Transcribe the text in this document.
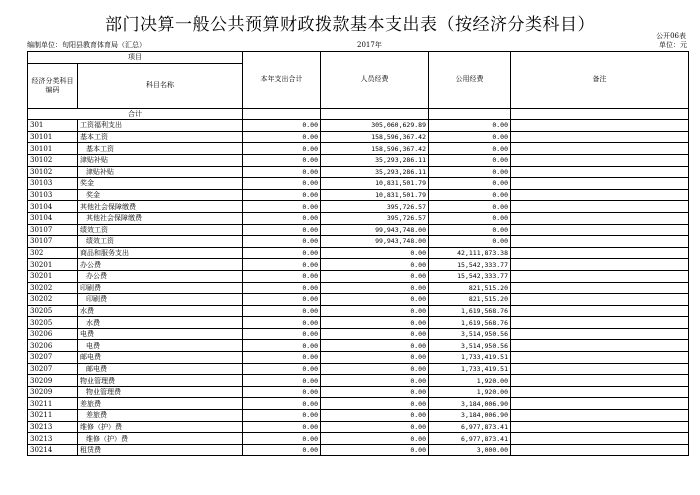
部门决算一般公共预算财政拨款基本支出表（按经济分类科目）
公开06表
编制单位：旬阳县教育体育局（汇总）	2017年	单位：元
项目		本年支出合计	人员经费	公用经费	备注
经济分类科目编码	科目名称				
合计					
301	工资福利支出	0.00	305,060,629.89	0.00	
30101	基本工资	0.00	158,596,367.42	0.00	
30101	基本工资	0.00	158,596,367.42	0.00	
30102	津贴补贴	0.00	35,293,286.11	0.00	
30102	津贴补贴	0.00	35,293,286.11	0.00	
30103	奖金	0.00	10,831,501.79	0.00	
30103	奖金	0.00	10,831,501.79	0.00	
30104	其他社会保障缴费	0.00	395,726.57	0.00	
30104	其他社会保障缴费	0.00	395,726.57	0.00	
30107	绩效工资	0.00	99,943,748.00	0.00	
30107	绩效工资	0.00	99,943,748.00	0.00	
302	商品和服务支出	0.00	0.00	42,111,873.38	
30201	办公费	0.00	0.00	15,542,333.77	
30201	办公费	0.00	0.00	15,542,333.77	
30202	印刷费	0.00	0.00	821,515.20	
30202	印刷费	0.00	0.00	821,515.20	
30205	水费	0.00	0.00	1,619,568.76	
30205	水费	0.00	0.00	1,619,568.76	
30206	电费	0.00	0.00	3,514,950.56	
30206	电费	0.00	0.00	3,514,950.56	
30207	邮电费	0.00	0.00	1,733,419.51	
30207	邮电费	0.00	0.00	1,733,419.51	
30209	物业管理费	0.00	0.00	1,920.00	
30209	物业管理费	0.00	0.00	1,920.00	
30211	差旅费	0.00	0.00	3,184,006.90	
30211	差旅费	0.00	0.00	3,184,006.90	
30213	维修（护）费	0.00	0.00	6,977,873.41	
30213	维修（护）费	0.00	0.00	6,977,873.41	
30214	租赁费	0.00	0.00	3,000.00	
